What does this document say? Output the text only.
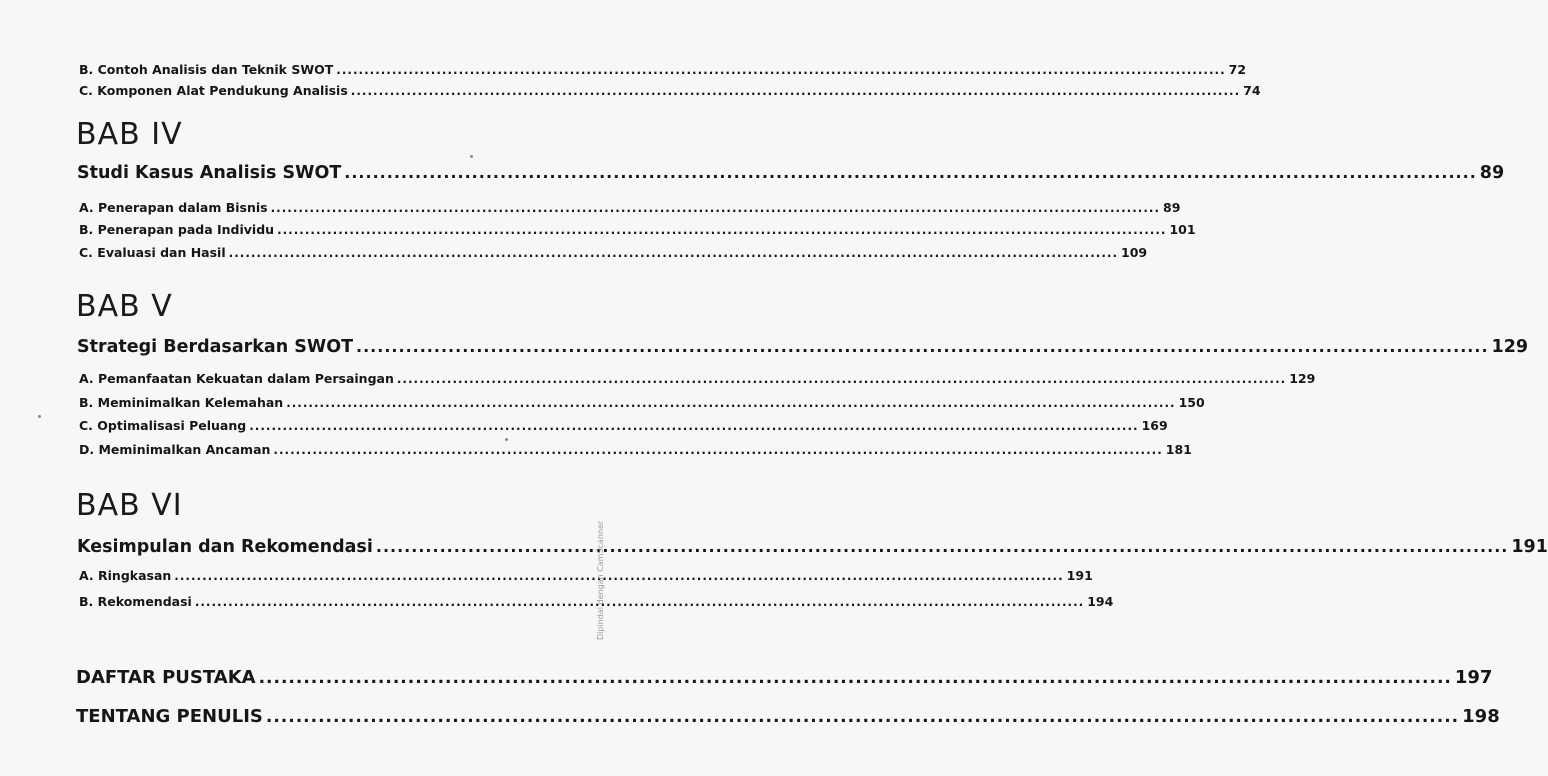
B. Contoh Analisis dan Teknik SWOT ................................................................................................................................................................ 72
C. Komponen Alat Pendukung Analisis ................................................................................................................................................................ 74
BAB IV
Studi Kasus Analisis SWOT ................................................................................................................................................................ 89
A. Penerapan dalam Bisnis ................................................................................................................................................................ 89
B. Penerapan pada Individu ................................................................................................................................................................ 101
C. Evaluasi dan Hasil ................................................................................................................................................................ 109
BAB V
Strategi Berdasarkan SWOT ................................................................................................................................................................ 129
A. Pemanfaatan Kekuatan dalam Persaingan ................................................................................................................................................................ 129
B. Meminimalkan Kelemahan ................................................................................................................................................................ 150
C. Optimalisasi Peluang ................................................................................................................................................................ 169
D. Meminimalkan Ancaman ................................................................................................................................................................ 181
BAB VI
Kesimpulan dan Rekomendasi ................................................................................................................................................................ 191
A. Ringkasan ................................................................................................................................................................ 191
B. Rekomendasi ................................................................................................................................................................ 194
DAFTAR PUSTAKA ................................................................................................................................................................ 197
TENTANG PENULIS ................................................................................................................................................................ 198
Dipindai dengan CamScanner
